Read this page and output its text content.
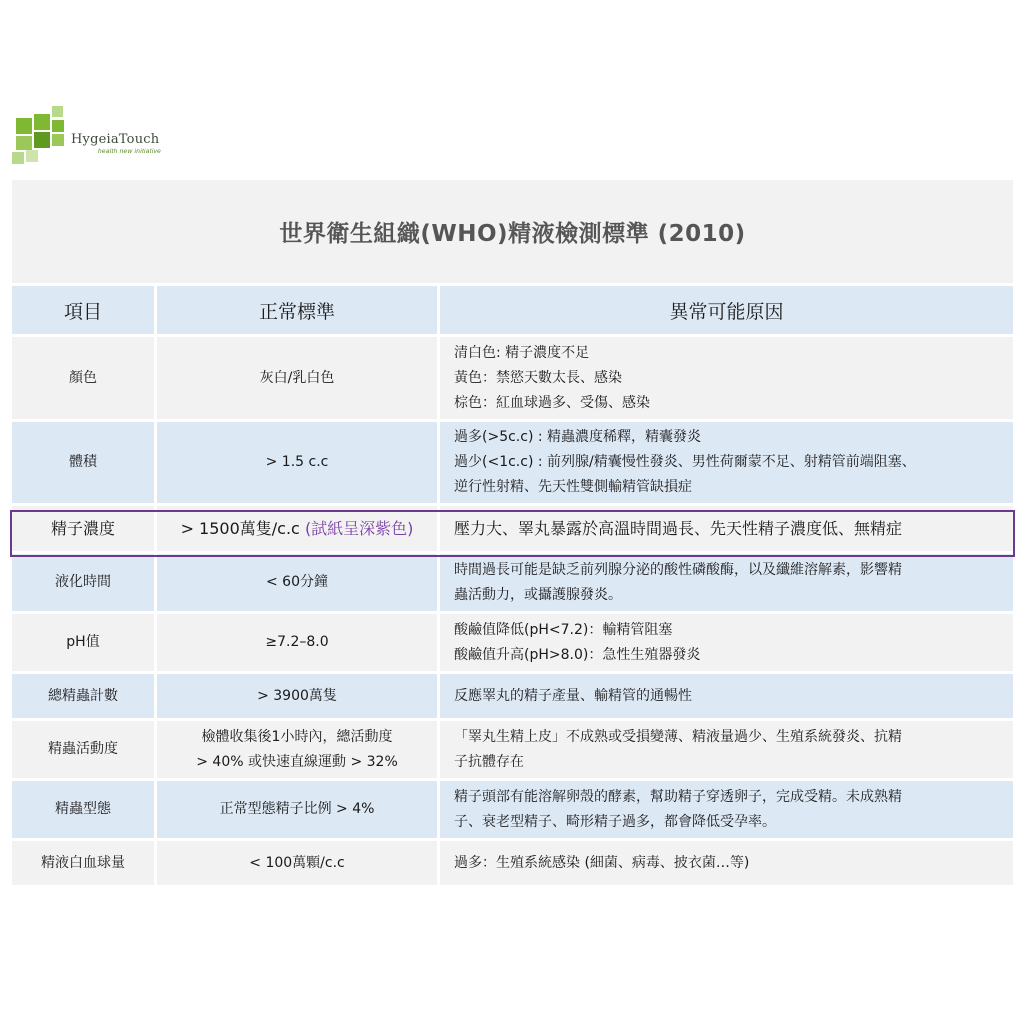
HygeiaTouch
health new initiative
世界衛生組織(WHO)精液檢測標準 (2010)
項目	正常標準	異常可能原因
顏色	灰白/乳白色	清白色: 精子濃度不足
黃色：禁慾天數太長、感染
棕色：紅血球過多、受傷、感染

體積	> 1.5 c.c	過多(>5c.c) : 精蟲濃度稀釋，精囊發炎
過少(<1c.c) : 前列腺/精囊慢性發炎、男性荷爾蒙不足、射精管前端阻塞、
逆行性射精、先天性雙側輸精管缺損症

精子濃度	> 1500萬隻/c.c (試紙呈深紫色)	壓力大、睪丸暴露於高溫時間過長、先天性精子濃度低、無精症

液化時間	< 60分鐘	時間過長可能是缺乏前列腺分泌的酸性磷酸酶，以及纖維溶解素，影響精
蟲活動力，或攝護腺發炎。

pH值	≥7.2–8.0	酸鹼值降低(pH<7.2)：輸精管阻塞
酸鹼值升高(pH>8.0)：急性生殖器發炎

總精蟲計數	> 3900萬隻	反應睪丸的精子產量、輸精管的通暢性

精蟲活動度	檢體收集後1小時內，總活動度
> 40% 或快速直線運動 > 32%	「睪丸生精上皮」不成熟或受損變薄、精液量過少、生殖系統發炎、抗精
子抗體存在

精蟲型態	正常型態精子比例 > 4%	精子頭部有能溶解卵殼的酵素，幫助精子穿透卵子，完成受精。未成熟精
子、衰老型精子、畸形精子過多，都會降低受孕率。

精液白血球量	< 100萬顆/c.c	過多：生殖系統感染 (細菌、病毒、披衣菌…等)
